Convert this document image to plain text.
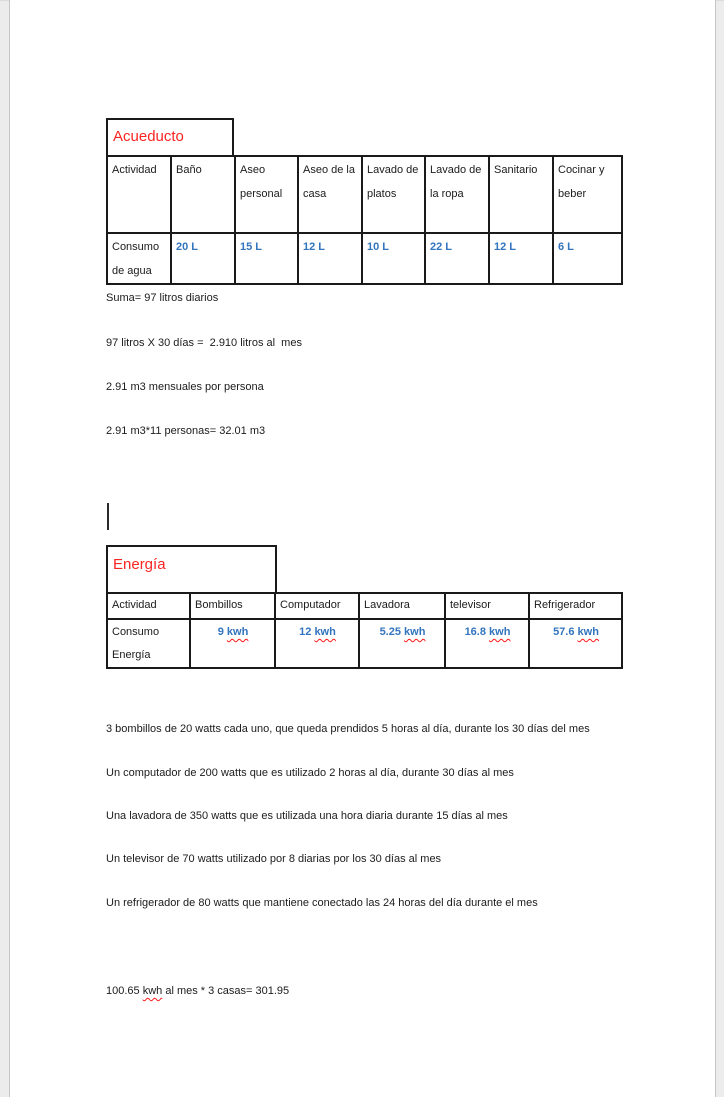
Acueducto
Actividad	Baño	Aseo personal	Aseo de la casa	Lavado de platos	Lavado de la ropa	Sanitario	Cocinar y beber
Consumo de agua	20 L	15 L	12 L	10 L	22 L	12 L	6 L
Suma= 97 litros diarios
97 litros X 30 días =  2.910 litros al  mes
2.91 m3 mensuales por persona
2.91 m3*11 personas= 32.01 m3
Energía
Actividad	Bombillos	Computador	Lavadora	televisor	Refrigerador
Consumo Energía	9 kwh	12 kwh	5.25 kwh	16.8 kwh	57.6 kwh
3 bombillos de 20 watts cada uno, que queda prendidos 5 horas al día, durante los 30 días del mes
Un computador de 200 watts que es utilizado 2 horas al día, durante 30 días al mes
Una lavadora de 350 watts que es utilizada una hora diaria durante 15 días al mes
Un televisor de 70 watts utilizado por 8 diarias por los 30 días al mes
Un refrigerador de 80 watts que mantiene conectado las 24 horas del día durante el mes
100.65 kwh al mes * 3 casas= 301.95
